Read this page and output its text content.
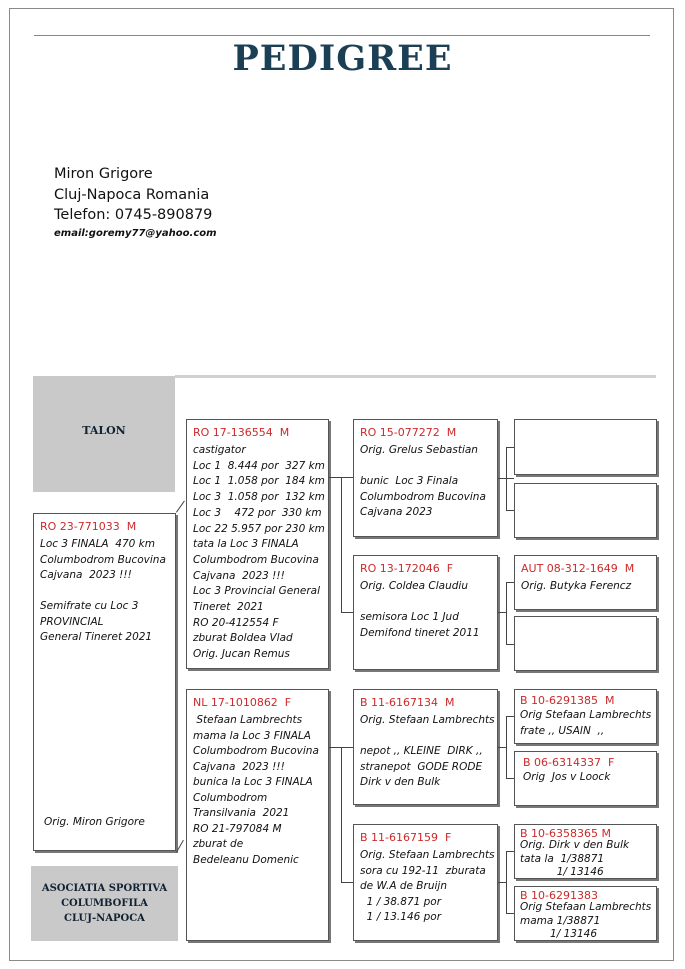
PEDIGREE
Miron Grigore
Cluj-Napoca Romania
Telefon: 0745-890879
email:goremy77@yahoo.com
TALON
ASOCIATIA SPORTIVA
COLUMBOFILA
CLUJ-NAPOCA
RO 23-771033  M
Loc 3 FINALA  470 km
Columbodrom Bucovina
Cajvana  2023 !!!

Semifrate cu Loc 3
PROVINCIAL
General Tineret 2021
Orig. Miron Grigore
RO 17-136554  M
castigator
Loc 1  8.444 por  327 km
Loc 1  1.058 por  184 km
Loc 3  1.058 por  132 km
Loc 3    472 por  330 km
Loc 22 5.957 por 230 km
tata la Loc 3 FINALA
Columbodrom Bucovina
Cajvana  2023 !!!
Loc 3 Provincial General
Tineret  2021
RO 20-412554 F
zburat Boldea Vlad
Orig. Jucan Remus
NL 17-1010862  F
Stefaan Lambrechts
mama la Loc 3 FINALA
Columbodrom Bucovina
Cajvana  2023 !!!
bunica la Loc 3 FINALA
Columbodrom
Transilvania  2021
RO 21-797084 M
zburat de
Bedeleanu Domenic
RO 15-077272  M
Orig. Grelus Sebastian

bunic  Loc 3 Finala
Columbodrom Bucovina
Cajvana 2023
RO 13-172046  F
Orig. Coldea Claudiu

semisora Loc 1 Jud
Demifond tineret 2011
B 11-6167134  M
Orig. Stefaan Lambrechts

nepot ,, KLEINE  DIRK ,,
stranepot  GODE RODE
Dirk v den Bulk
B 11-6167159  F
Orig. Stefaan Lambrechts
sora cu 192-11  zburata
de W.A de Bruijn
1 / 38.871 por
1 / 13.146 por
AUT 08-312-1649  M
Orig. Butyka Ferencz
B 10-6291385  M
Orig Stefaan Lambrechts
frate ,, USAIN  ,,
B 06-6314337  F
Orig  Jos v Loock
B 10-6358365 M
Orig. Dirk v den Bulk
tata la  1/38871
1/ 13146
B 10-6291383
Orig Stefaan Lambrechts
mama 1/38871
1/ 13146
